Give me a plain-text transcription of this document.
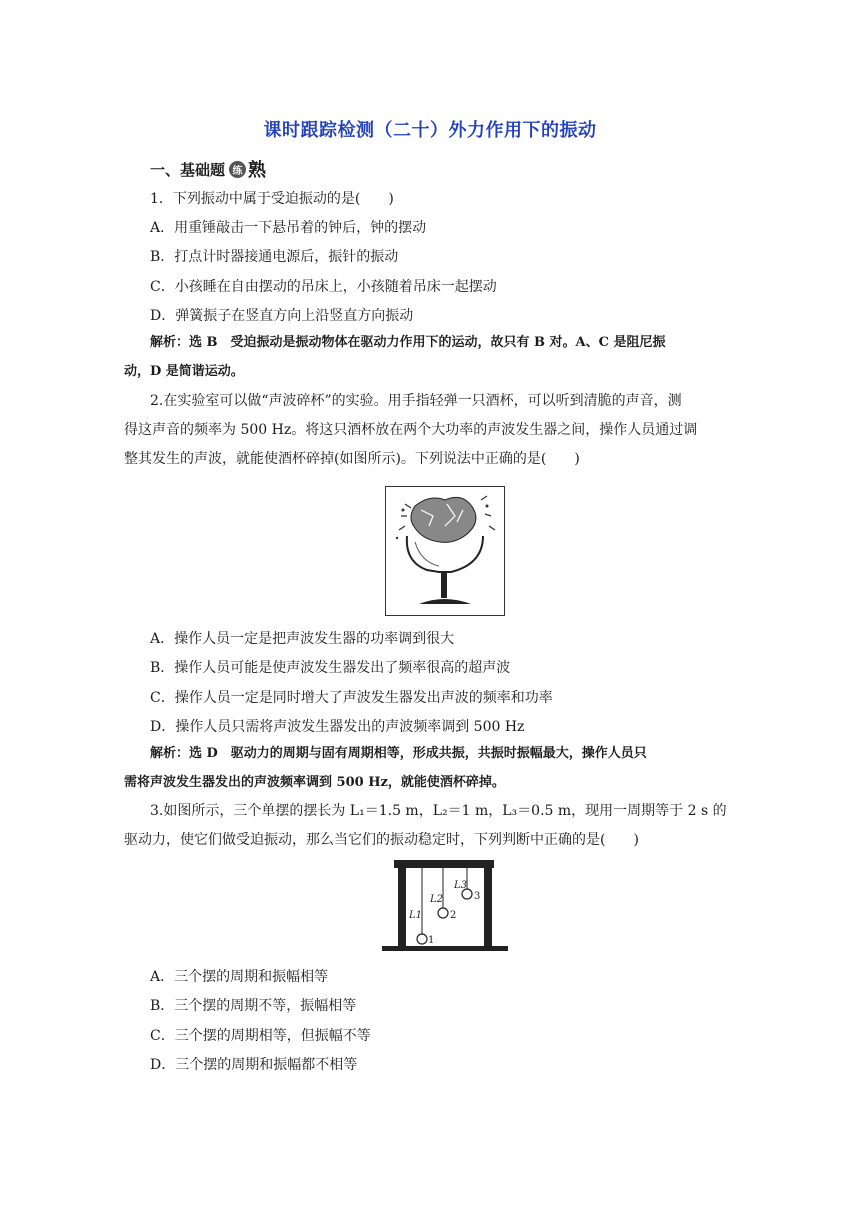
课时跟踪检测（二十）外力作用下的振动
一、基础题 练 熟
1．下列振动中属于受迫振动的是(　　)
A．用重锤敲击一下悬吊着的钟后，钟的摆动
B．打点计时器接通电源后，振针的振动
C．小孩睡在自由摆动的吊床上，小孩随着吊床一起摆动
D．弹簧振子在竖直方向上沿竖直方向振动
解析：选 B　受迫振动是振动物体在驱动力作用下的运动，故只有 B 对。A、C 是阻尼振
动，D 是简谐运动。
2.在实验室可以做“声波碎杯”的实验。用手指轻弹一只酒杯，可以听到清脆的声音，测
得这声音的频率为 500 Hz。将这只酒杯放在两个大功率的声波发生器之间，操作人员通过调
整其发生的声波，就能使酒杯碎掉(如图所示)。下列说法中正确的是(　　)
A．操作人员一定是把声波发生器的功率调到很大
B．操作人员可能是使声波发生器发出了频率很高的超声波
C．操作人员一定是同时增大了声波发生器发出声波的频率和功率
D．操作人员只需将声波发生器发出的声波频率调到 500 Hz
解析：选 D　驱动力的周期与固有周期相等，形成共振，共振时振幅最大，操作人员只
需将声波发生器发出的声波频率调到 500 Hz，就能使酒杯碎掉。
3.如图所示，三个单摆的摆长为 L₁＝1.5 m，L₂＝1 m，L₃＝0.5 m，现用一周期等于 2 s 的
驱动力，使它们做受迫振动，那么当它们的振动稳定时，下列判断中正确的是(　　)
L1
L2
L3
1
2
3
A．三个摆的周期和振幅相等
B．三个摆的周期不等，振幅相等
C．三个摆的周期相等，但振幅不等
D．三个摆的周期和振幅都不相等
